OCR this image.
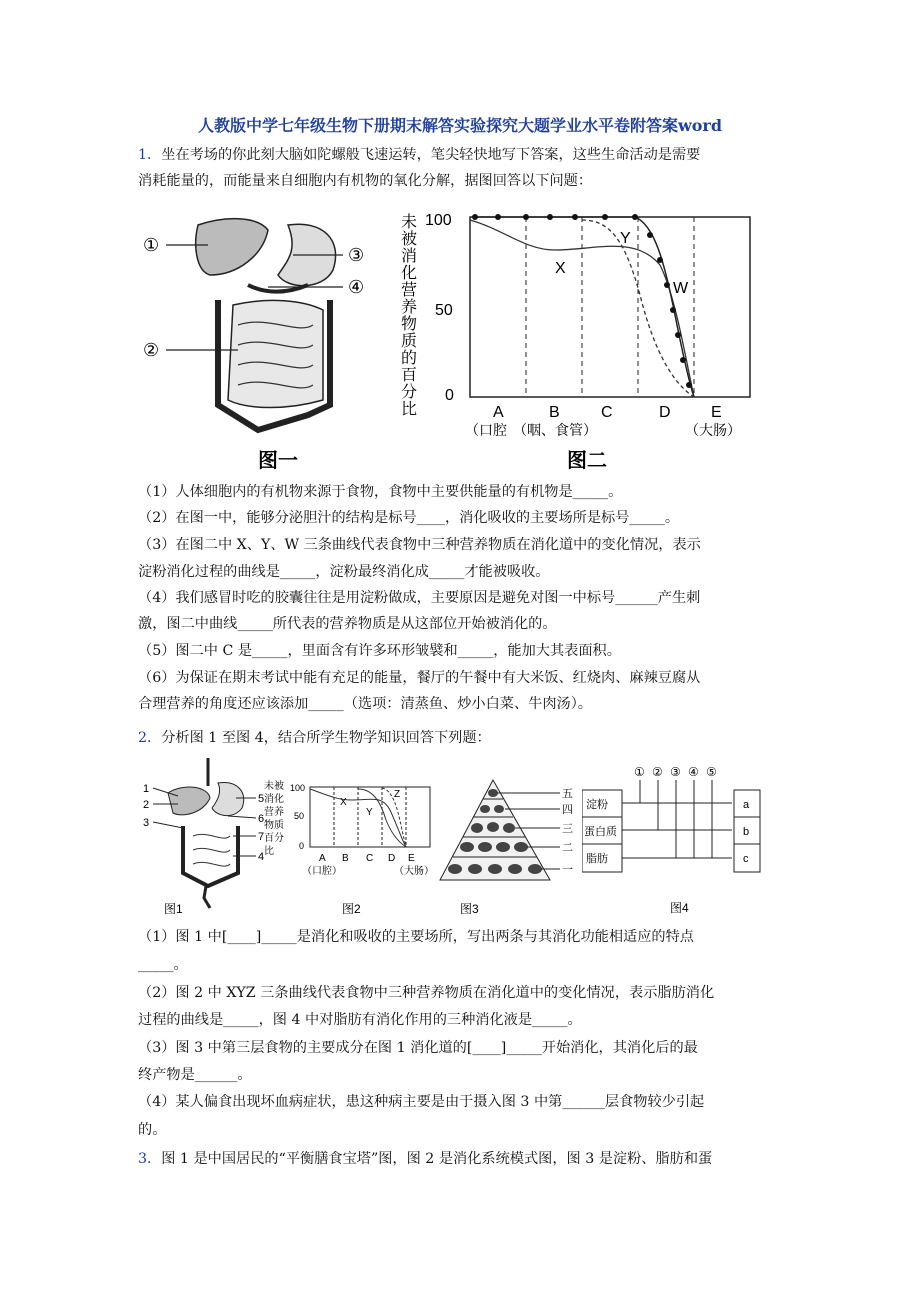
人教版中学七年级生物下册期末解答实验探究大题学业水平卷附答案word
1．坐在考场的你此刻大脑如陀螺般飞速运转，笔尖轻快地写下答案，这些生命活动是需要
消耗能量的，而能量来自细胞内有机物的氧化分解，据图回答以下问题：
①
②
③
④
图一
未
被
消
化
营
养
物
质
的
百
分
比
100
50
0
X
Y
W
A	B	C	D	E
（口腔 （咽、食管）	（大肠）
图二
（1）人体细胞内的有机物来源于食物，食物中主要供能量的有机物是_____。
（2）在图一中，能够分泌胆汁的结构是标号____，消化吸收的主要场所是标号_____。
（3）在图二中 X、Y、W 三条曲线代表食物中三种营养物质在消化道中的变化情况，表示
淀粉消化过程的曲线是_____，淀粉最终消化成_____才能被吸收。
（4）我们感冒时吃的胶囊往往是用淀粉做成，主要原因是避免对图一中标号______产生刺
激，图二中曲线_____所代表的营养物质是从这部位开始被消化的。
（5）图二中 C 是_____，里面含有许多环形皱襞和_____，能加大其表面积。
（6）为保证在期末考试中能有充足的能量，餐厅的午餐中有大米饭、红烧肉、麻辣豆腐从
合理营养的角度还应该添加_____（选项：清蒸鱼、炒小白菜、牛肉汤）。
2．分析图 1 至图 4，结合所学生物学知识回答下列题：
1
2
3
5
6
7
4
图1
未被
消化
营养
物质
百分
比
100
50
0
X
Y
Z
A B C D E
（口腔）	（大肠）
图2
五
四
三
二
一
图3
① ② ③ ④ ⑤
淀粉
蛋白质
脂肪
a
b
c
图4
（1）图 1 中[____]_____是消化和吸收的主要场所，写出两条与其消化功能相适应的特点
_____。
（2）图 2 中 XYZ 三条曲线代表食物中三种营养物质在消化道中的变化情况，表示脂肪消化
过程的曲线是_____，图 4 中对脂肪有消化作用的三种消化液是_____。
（3）图 3 中第三层食物的主要成分在图 1 消化道的[____]_____开始消化，其消化后的最
终产物是______。
（4）某人偏食出现坏血病症状，患这种病主要是由于摄入图 3 中第______层食物较少引起
的。
3．图 1 是中国居民的“平衡膳食宝塔”图，图 2 是消化系统模式图，图 3 是淀粉、脂肪和蛋
